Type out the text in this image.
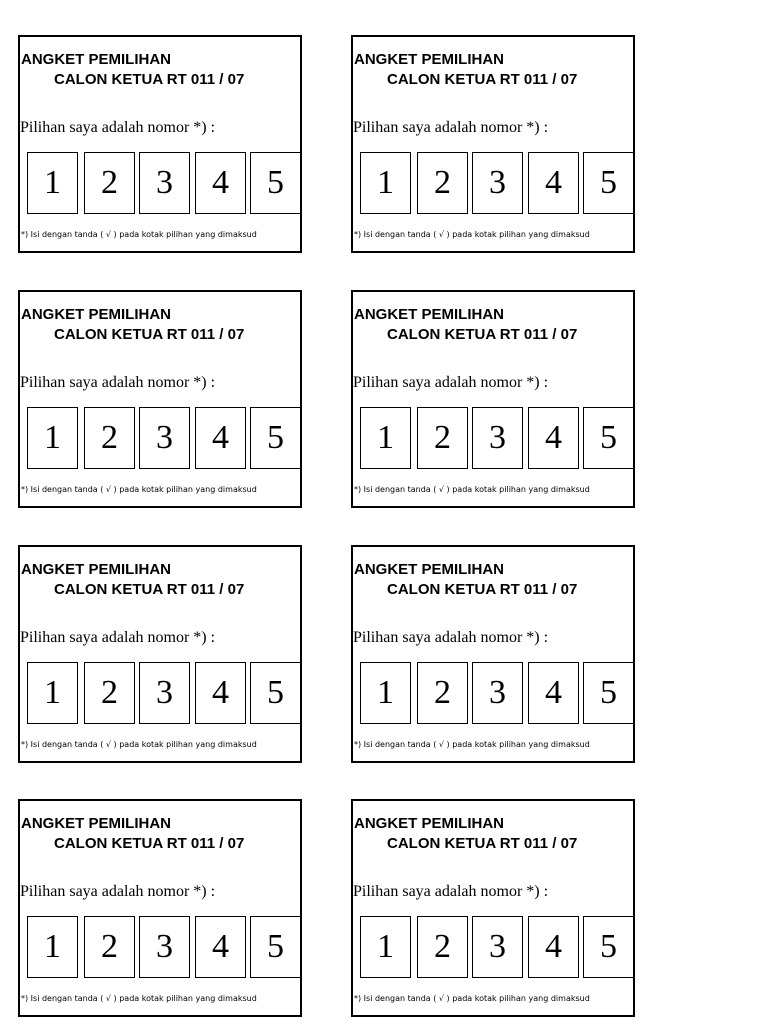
ANGKET PEMILIHAN
CALON KETUA RT 011 / 07
Pilihan saya adalah nomor *) :
1	2	3	4	5
*) Isi dengan tanda ( √ ) pada kotak pilihan yang dimaksud
ANGKET PEMILIHAN
CALON KETUA RT 011 / 07
Pilihan saya adalah nomor *) :
1	2	3	4	5
*) Isi dengan tanda ( √ ) pada kotak pilihan yang dimaksud
ANGKET PEMILIHAN
CALON KETUA RT 011 / 07
Pilihan saya adalah nomor *) :
1	2	3	4	5
*) Isi dengan tanda ( √ ) pada kotak pilihan yang dimaksud
ANGKET PEMILIHAN
CALON KETUA RT 011 / 07
Pilihan saya adalah nomor *) :
1	2	3	4	5
*) Isi dengan tanda ( √ ) pada kotak pilihan yang dimaksud
ANGKET PEMILIHAN
CALON KETUA RT 011 / 07
Pilihan saya adalah nomor *) :
1	2	3	4	5
*) Isi dengan tanda ( √ ) pada kotak pilihan yang dimaksud
ANGKET PEMILIHAN
CALON KETUA RT 011 / 07
Pilihan saya adalah nomor *) :
1	2	3	4	5
*) Isi dengan tanda ( √ ) pada kotak pilihan yang dimaksud
ANGKET PEMILIHAN
CALON KETUA RT 011 / 07
Pilihan saya adalah nomor *) :
1	2	3	4	5
*) Isi dengan tanda ( √ ) pada kotak pilihan yang dimaksud
ANGKET PEMILIHAN
CALON KETUA RT 011 / 07
Pilihan saya adalah nomor *) :
1	2	3	4	5
*) Isi dengan tanda ( √ ) pada kotak pilihan yang dimaksud
